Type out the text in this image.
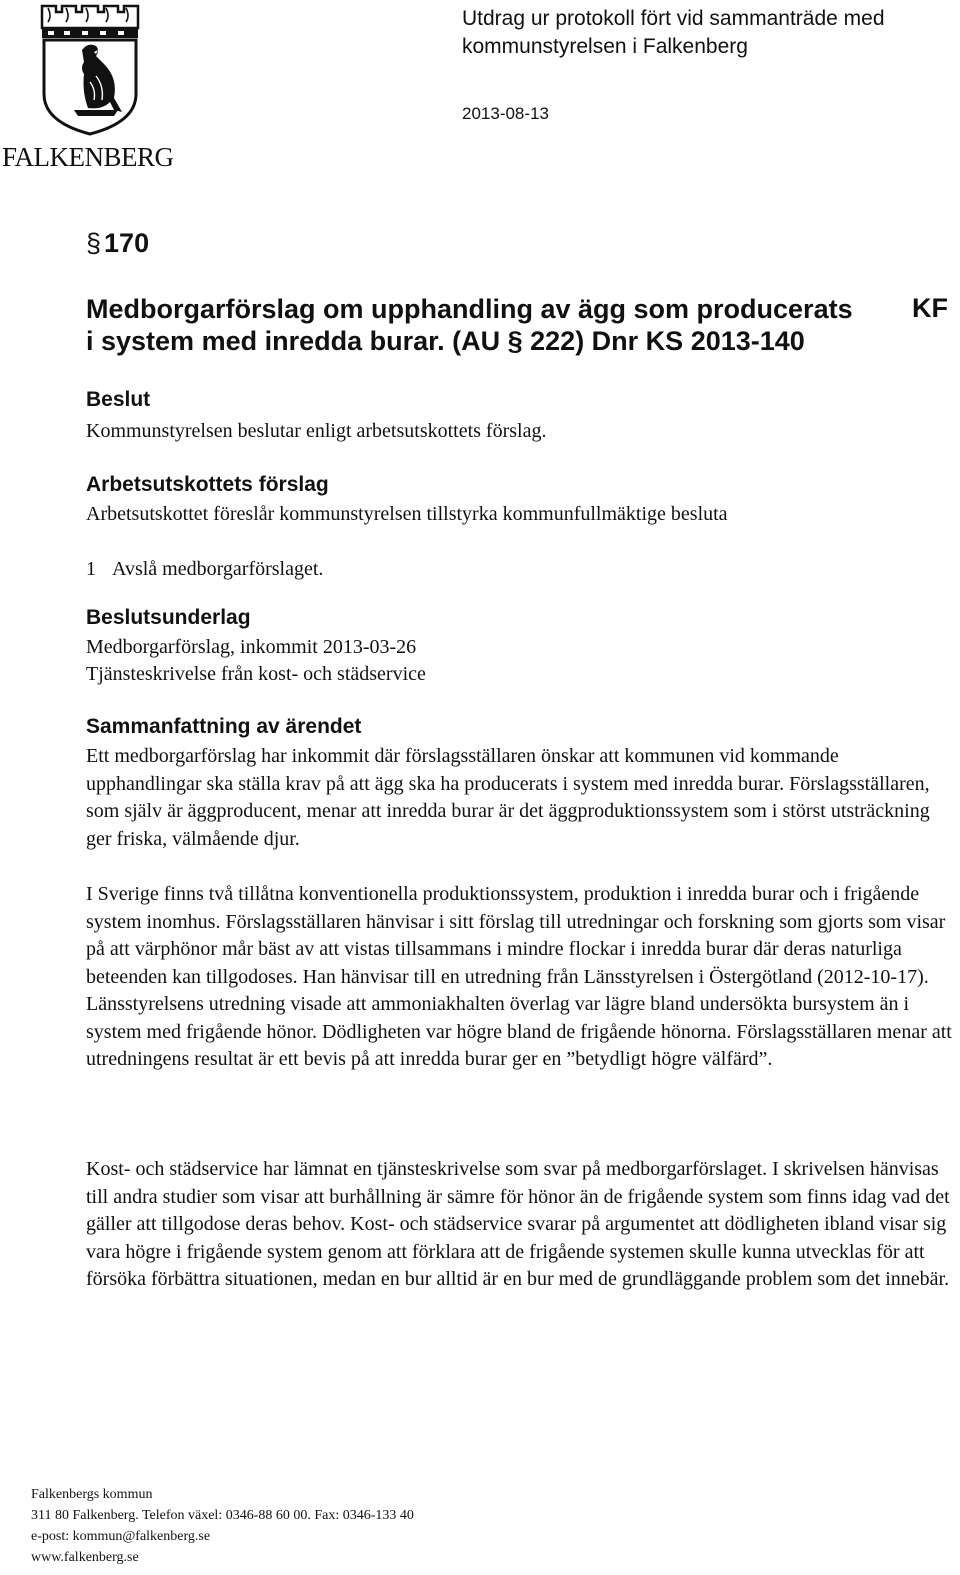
FALKENBERG
Utdrag ur protokoll fört vid sammanträde med
kommunstyrelsen i Falkenberg
2013-08-13
§ 170
Medborgarförslag om upphandling av ägg som producerats
i system med inredda burar. (AU § 222) Dnr KS 2013-140
KF
Beslut
Kommunstyrelsen beslutar enligt arbetsutskottets förslag.
Arbetsutskottets förslag
Arbetsutskottet föreslår kommunstyrelsen tillstyrka kommunfullmäktige besluta
1 Avslå medborgarförslaget.
Beslutsunderlag
Medborgarförslag, inkommit 2013-03-26
Tjänsteskrivelse från kost- och städservice
Sammanfattning av ärendet
Ett medborgarförslag har inkommit där förslagsställaren önskar att kommunen vid kommande upphandlingar ska ställa krav på att ägg ska ha producerats i system med inredda burar. Förslagsställaren, som själv är äggproducent, menar att inredda burar är det äggproduktionssystem som i störst utsträckning ger friska, välmående djur.
I Sverige finns två tillåtna konventionella produktionssystem, produktion i inredda burar och i frigående system inomhus. Förslagsställaren hänvisar i sitt förslag till utredningar och forskning som gjorts som visar på att värphönor mår bäst av att vistas tillsammans i mindre flockar i inredda burar där deras naturliga beteenden kan tillgodoses. Han hänvisar till en utredning från Länsstyrelsen i Östergötland (2012-10-17). Länsstyrelsens utredning visade att ammoniakhalten överlag var lägre bland undersökta bursystem än i system med frigående hönor. Dödligheten var högre bland de frigående hönorna. Förslagsställaren menar att utredningens resultat är ett bevis på att inredda burar ger en ”betydligt högre välfärd”.
Kost- och städservice har lämnat en tjänsteskrivelse som svar på medborgarförslaget. I skrivelsen hänvisas till andra studier som visar att burhållning är sämre för hönor än de frigående system som finns idag vad det gäller att tillgodose deras behov. Kost- och städservice svarar på argumentet att dödligheten ibland visar sig vara högre i frigående system genom att förklara att de frigående systemen skulle kunna utvecklas för att försöka förbättra situationen, medan en bur alltid är en bur med de grundläggande problem som det innebär.
Falkenbergs kommun
311 80 Falkenberg. Telefon växel: 0346-88 60 00. Fax: 0346-133 40
e-post: kommun@falkenberg.se
www.falkenberg.se
